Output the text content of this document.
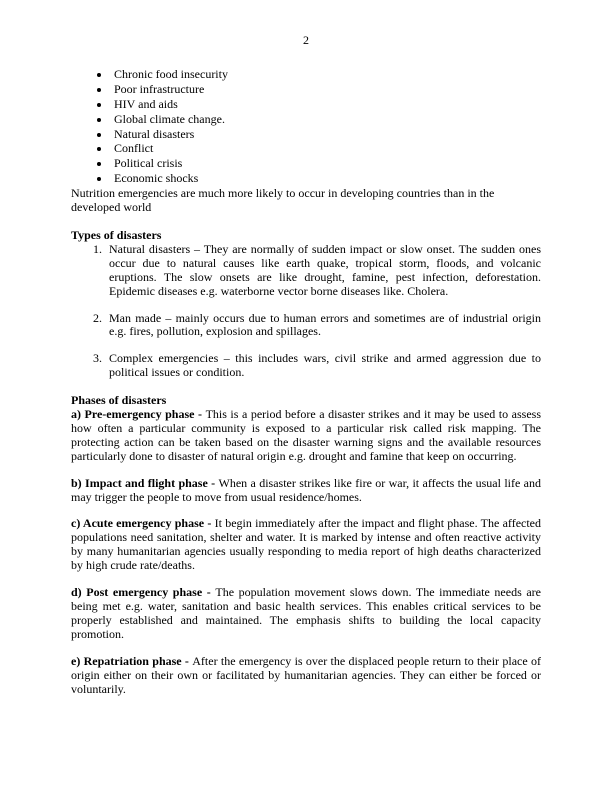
2
• Chronic food insecurity
• Poor infrastructure
• HIV and aids
• Global climate change.
• Natural disasters
• Conflict
• Political crisis
• Economic shocks

Nutrition emergencies are much more likely to occur in developing countries than in the developed world

Types of disasters
1. Natural disasters – They are normally of sudden impact or slow onset. The sudden ones occur due to natural causes like earth quake, tropical storm, floods, and volcanic eruptions. The slow onsets are like drought, famine, pest infection, deforestation. Epidemic diseases e.g. waterborne vector borne diseases like. Cholera.
2. Man made – mainly occurs due to human errors and sometimes are of industrial origin e.g. fires, pollution, explosion and spillages.
3. Complex emergencies – this includes wars, civil strike and armed aggression due to political issues or condition.
Phases of disasters

a) Pre-emergency phase - This is a period before a disaster strikes and it may be used to assess how often a particular community is exposed to a particular risk called risk mapping. The protecting action can be taken based on the disaster warning signs and the available resources particularly done to disaster of natural origin e.g. drought and famine that keep on occurring.

b) Impact and flight phase - When a disaster strikes like fire or war, it affects the usual life and may trigger the people to move from usual residence/homes.

c) Acute emergency phase - It begin immediately after the impact and flight phase. The affected populations need sanitation, shelter and water. It is marked by intense and often reactive activity by many humanitarian agencies usually responding to media report of high deaths characterized by high crude rate/deaths.

d) Post emergency phase - The population movement slows down. The immediate needs are being met e.g. water, sanitation and basic health services. This enables critical services to be properly established and maintained. The emphasis shifts to building the local capacity promotion.

e) Repatriation phase - After the emergency is over the displaced people return to their place of origin either on their own or facilitated by humanitarian agencies. They can either be forced or voluntarily.
